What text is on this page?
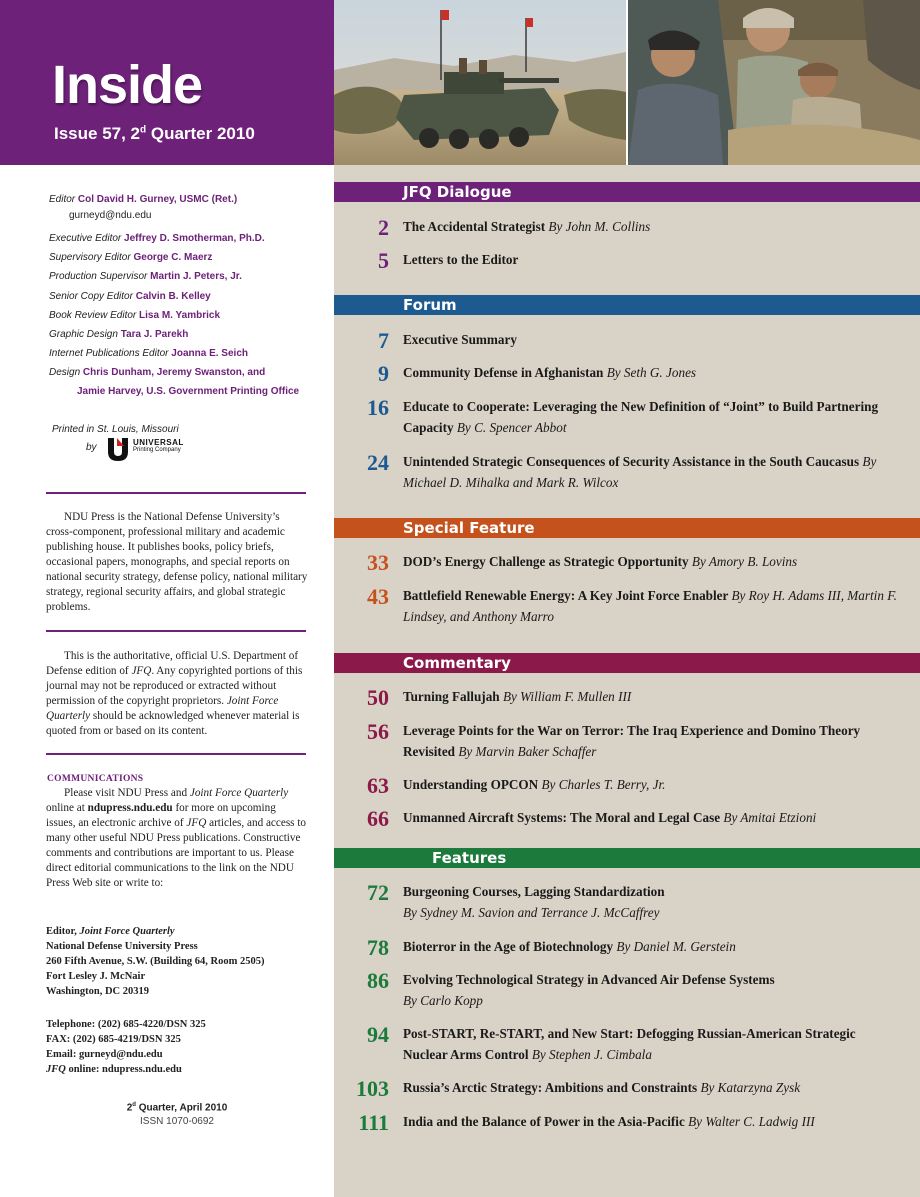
Inside
Issue 57, 2$^d$ Quarter 2010
Editor Col David H. Gurney, USMC (Ret.)
gurneyd@ndu.edu
Executive Editor Jeffrey D. Smotherman, Ph.D.
Supervisory Editor George C. Maerz
Production Supervisor Martin J. Peters, Jr.
Senior Copy Editor Calvin B. Kelley
Book Review Editor Lisa M. Yambrick
Graphic Design Tara J. Parekh
Internet Publications Editor Joanna E. Seich
Design Chris Dunham, Jeremy Swanston, and
Jamie Harvey, U.S. Government Printing Office
Printed in St. Louis, Missouri
by	UNIVERSAL
Printing Company
NDU Press is the National Defense University’s cross-component, professional military and academic publishing house. It publishes books, policy briefs, occasional papers, monographs, and special reports on national security strategy, defense policy, national military strategy, regional security affairs, and global strategic problems.
This is the authoritative, official U.S. Department of Defense edition of JFQ. Any copyrighted portions of this journal may not be reproduced or extracted without permission of the copyright proprietors. Joint Force Quarterly should be acknowledged whenever material is quoted from or based on its content.
COMMUNICATIONS
Please visit NDU Press and Joint Force Quarterly online at ndupress.ndu.edu for more on upcoming issues, an electronic archive of JFQ articles, and access to many other useful NDU Press publications. Constructive comments and contributions are important to us. Please direct editorial communications to the link on the NDU Press Web site or write to:
Editor, Joint Force Quarterly
National Defense University Press
260 Fifth Avenue, S.W. (Building 64, Room 2505)
Fort Lesley J. McNair
Washington, DC 20319
Telephone: (202) 685-4220/DSN 325
FAX: (202) 685-4219/DSN 325
Email: gurneyd@ndu.edu
JFQ online: ndupress.ndu.edu
2$^d$ Quarter, April 2010
ISSN 1070-0692
JFQ Dialogue
2 The Accidental Strategist By John M. Collins
5 Letters to the Editor
Forum
7 Executive Summary
9 Community Defense in Afghanistan By Seth G. Jones
16 Educate to Cooperate: Leveraging the New Definition of “Joint” to Build Partnering Capacity By C. Spencer Abbot
24 Unintended Strategic Consequences of Security Assistance in the South Caucasus By Michael D. Mihalka and Mark R. Wilcox
Special Feature
33 DOD’s Energy Challenge as Strategic Opportunity By Amory B. Lovins
43 Battlefield Renewable Energy: A Key Joint Force Enabler By Roy H. Adams III, Martin F. Lindsey, and Anthony Marro
Commentary
50 Turning Fallujah By William F. Mullen III
56 Leverage Points for the War on Terror: The Iraq Experience and Domino Theory Revisited By Marvin Baker Schaffer
63 Understanding OPCON By Charles T. Berry, Jr.
66 Unmanned Aircraft Systems: The Moral and Legal Case By Amitai Etzioni
Features
72 Burgeoning Courses, Lagging Standardization
By Sydney M. Savion and Terrance J. McCaffrey
78 Bioterror in the Age of Biotechnology By Daniel M. Gerstein
86 Evolving Technological Strategy in Advanced Air Defense Systems
By Carlo Kopp
94 Post-START, Re-START, and New Start: Defogging Russian-American Strategic Nuclear Arms Control By Stephen J. Cimbala
103 Russia’s Arctic Strategy: Ambitions and Constraints By Katarzyna Zysk
111 India and the Balance of Power in the Asia-Pacific By Walter C. Ladwig III
